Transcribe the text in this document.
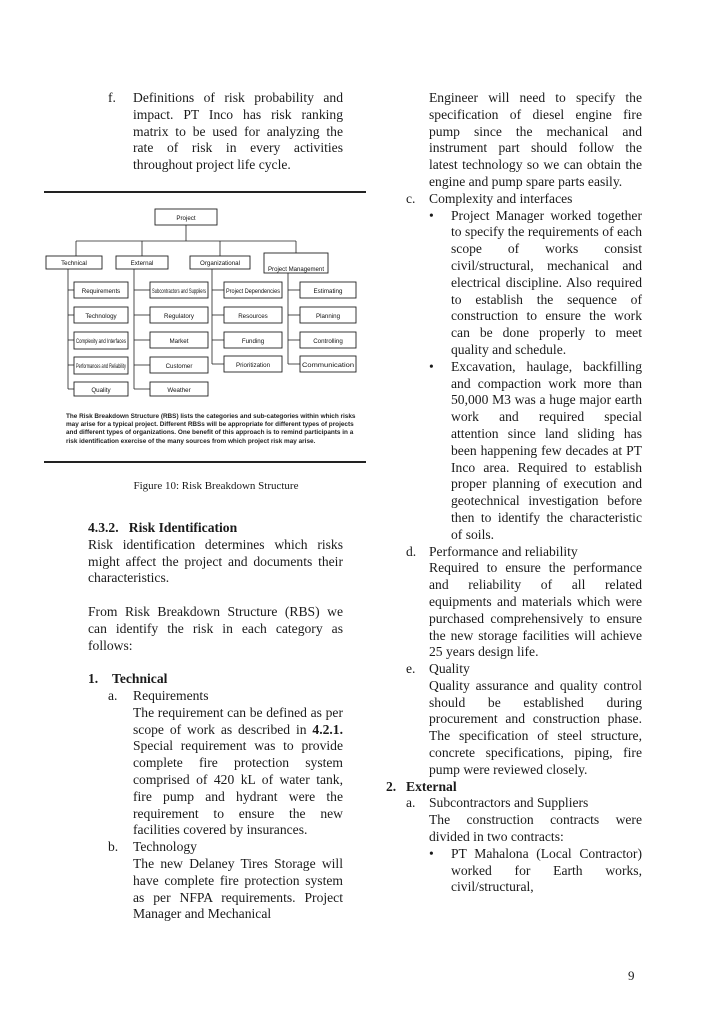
f.	Definitions of risk probability and impact. PT Inco has risk ranking matrix to be used for analyzing the rate of risk in every activities throughout project life cycle.
Project
Technical	External	Organizational
Project Management
Requirements
Technology
Complexity and Interfaces
Performances and Reliability
Quality
Subcontractors and Suppliers
Regulatory
Market
Customer
Weather
Project Dependencies
Resources
Funding
Prioritization
Estimating
Planning
Controlling
Communication
The Risk Breakdown Structure (RBS) lists the categories and sub-categories within which risks may arise for a typical project. Different RBSs will be appropriate for different types of projects and different types of organizations. One benefit of this approach is to remind participants in a risk identification exercise of the many sources from which project risk may arise.
Figure 10: Risk Breakdown Structure
4.3.2.   Risk Identification
Risk identification determines which risks might affect the project and documents their characteristics.
From Risk Breakdown Structure (RBS) we can identify the risk in each category as follows:
1.	Technical
a.	Requirements
The requirement can be defined as per scope of work as described in 4.2.1. Special requirement was to provide complete fire protection system comprised of 420 kL of water tank, fire pump and hydrant were the requirement to ensure the new facilities covered by insurances.
b.	Technology
The new Delaney Tires Storage will have complete fire protection system as per NFPA requirements. Project Manager and Mechanical
Engineer will need to specify the specification of diesel engine fire pump since the mechanical and instrument part should follow the latest technology so we can obtain the engine and pump spare parts easily.
c. Complexity and interfaces
•	Project Manager worked together to specify the requirements of each scope of works consist civil/structural, mechanical and electrical discipline. Also required to establish the sequence of construction to ensure the work can be done properly to meet quality and schedule.
•	Excavation, haulage, backfilling and compaction work more than 50,000 M3 was a huge major earth work and required special attention since land sliding has been happening few decades at PT Inco area. Required to establish proper planning of execution and geotechnical investigation before then to identify the characteristic of soils.
d. Performance and reliability
Required to ensure the performance and reliability of all related equipments and materials which were purchased comprehensively to ensure the new storage facilities will achieve 25 years design life.
e. Quality
Quality assurance and quality control should be established during procurement and construction phase. The specification of steel structure, concrete specifications, piping, fire pump were reviewed closely.
2. External
a. Subcontractors and Suppliers
The construction contracts were divided in two contracts:
•	PT Mahalona (Local Contractor) worked for Earth works, civil/structural,
9
